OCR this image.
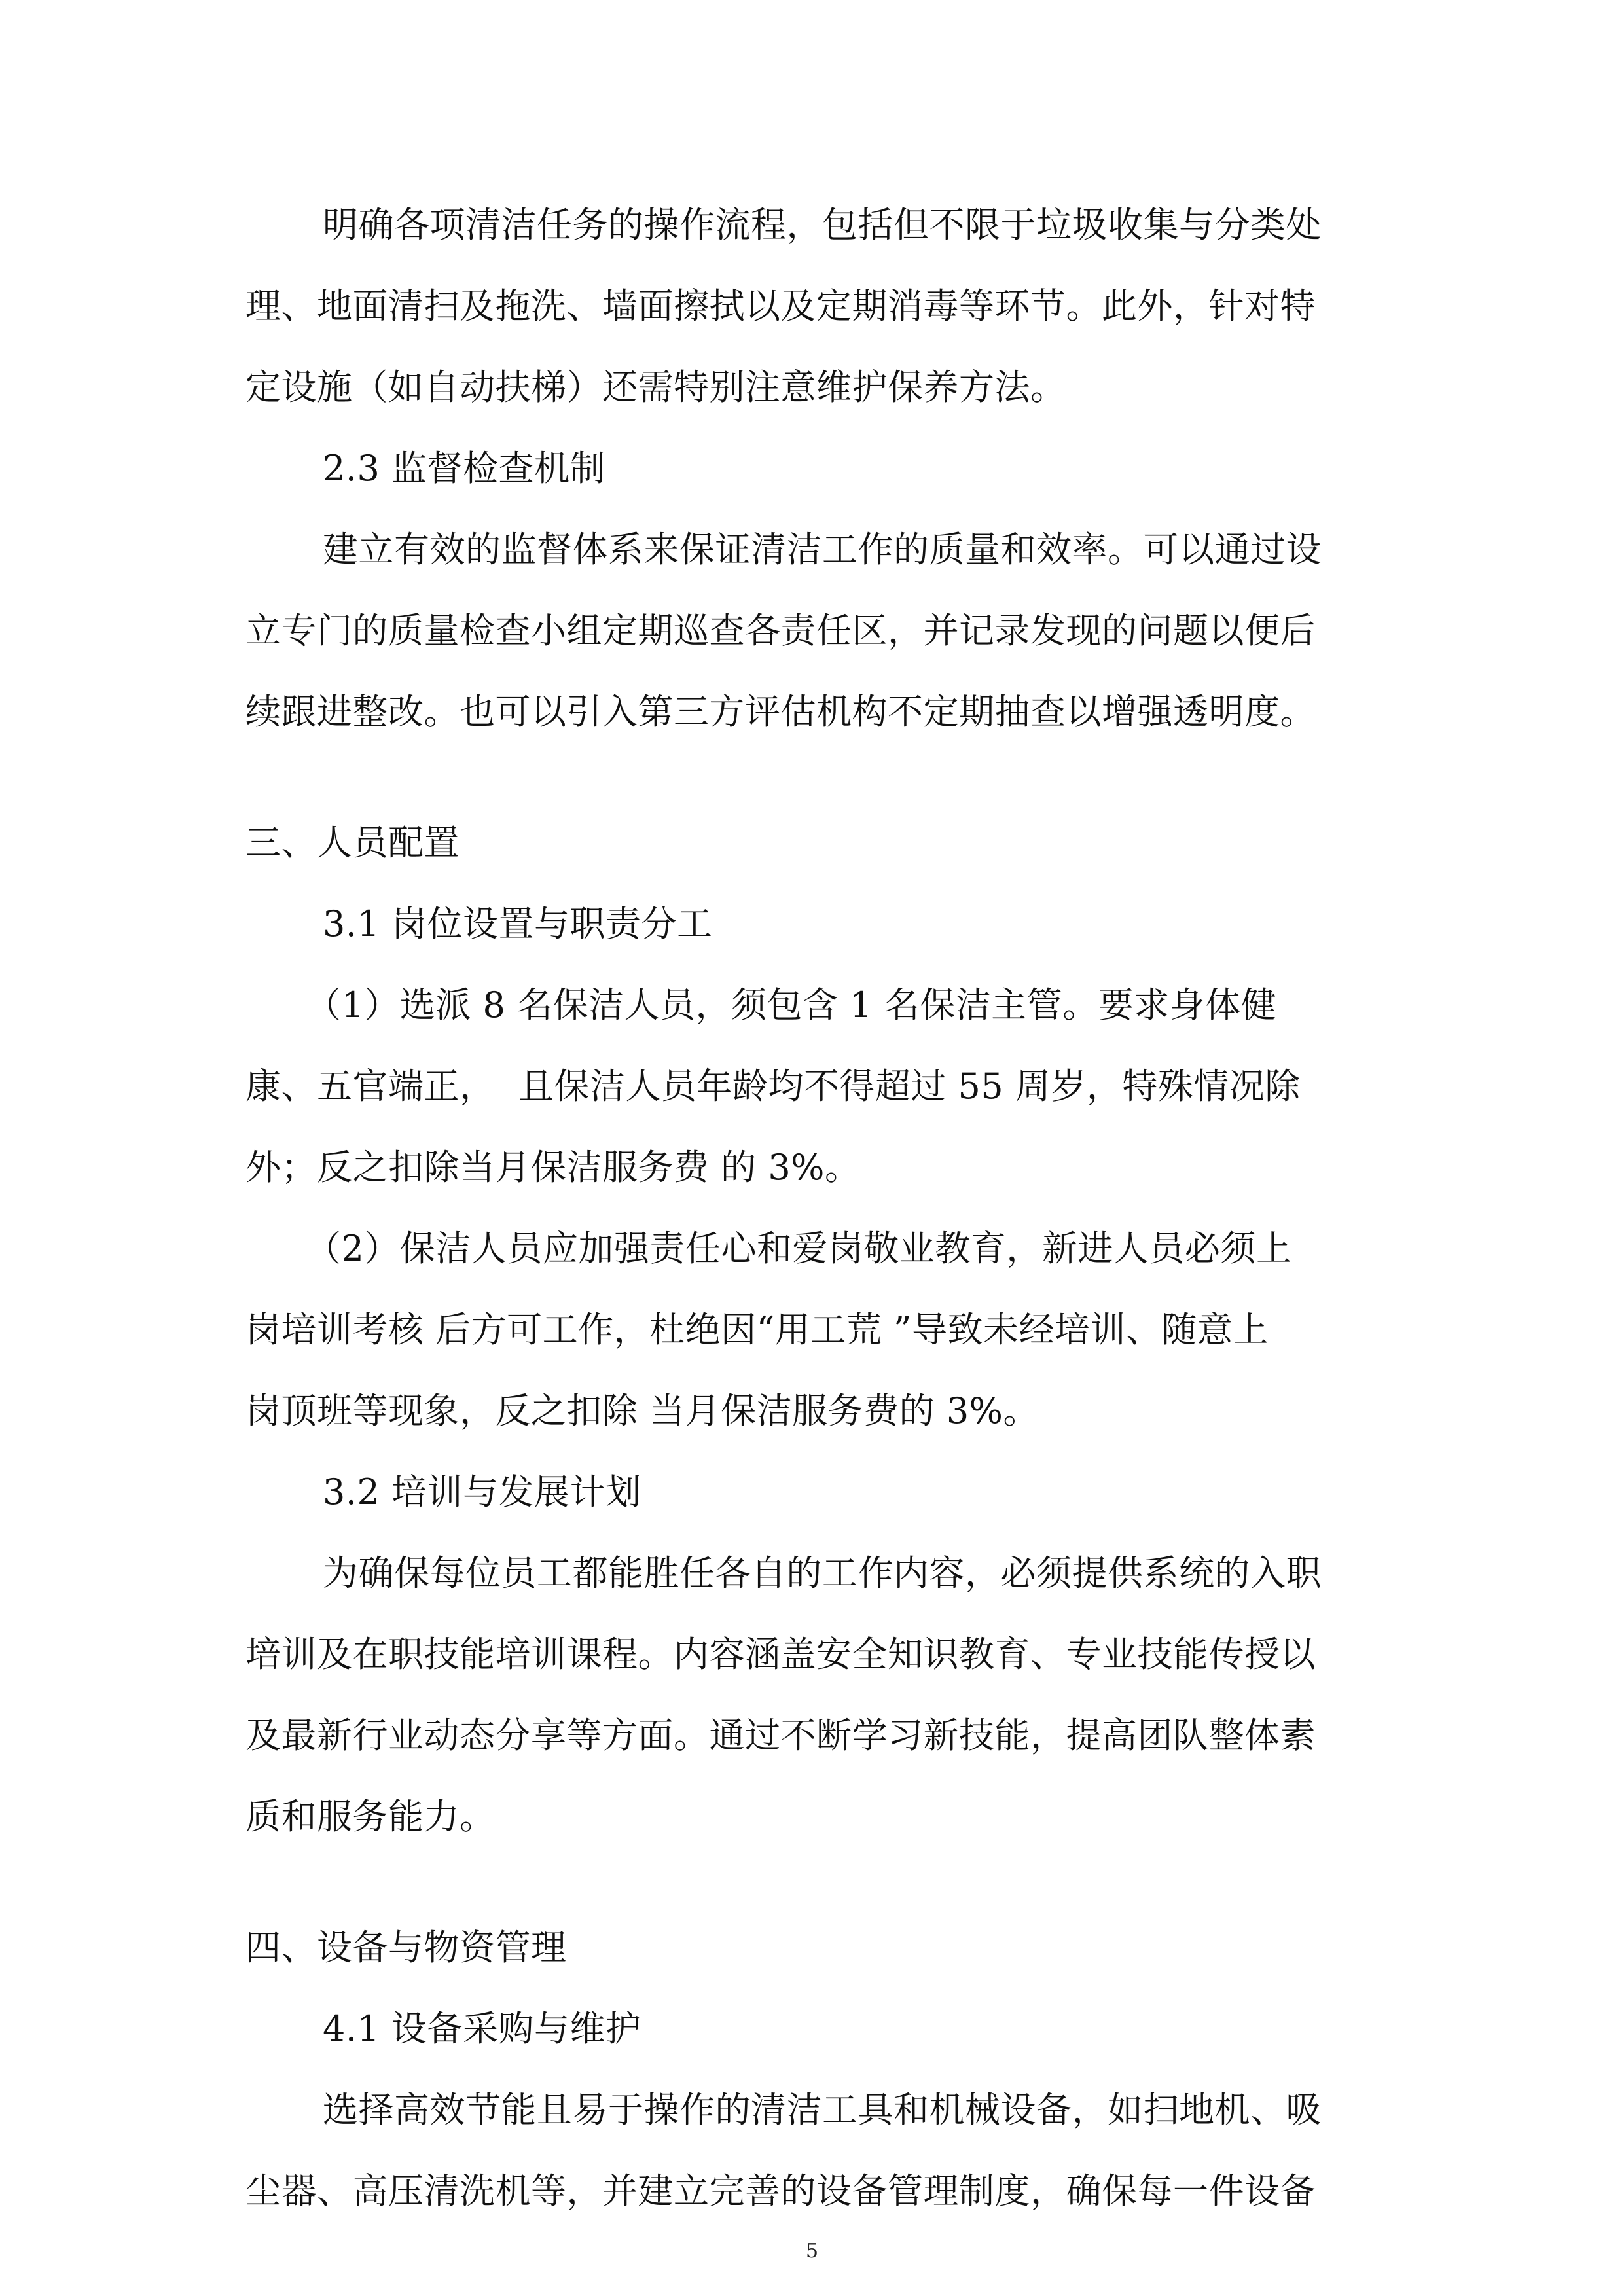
明确各项清洁任务的操作流程，包括但不限于垃圾收集与分类处
理、地面清扫及拖洗、墙面擦拭以及定期消毒等环节。此外，针对特
定设施（如自动扶梯）还需特别注意维护保养方法。
2.3 监督检查机制
建立有效的监督体系来保证清洁工作的质量和效率。可以通过设
立专门的质量检查小组定期巡查各责任区，并记录发现的问题以便后
续跟进整改。也可以引入第三方评估机构不定期抽查以增强透明度。
三、人员配置
3.1 岗位设置与职责分工
（1）选派 8 名保洁人员，须包含 1 名保洁主管。要求身体健
康、五官端正，  且保洁人员年龄均不得超过 55 周岁，特殊情况除
外；反之扣除当月保洁服务费 的 3%。
（2）保洁人员应加强责任心和爱岗敬业教育，新进人员必须上
岗培训考核 后方可工作，杜绝因“用工荒 ”导致未经培训、随意上
岗顶班等现象，反之扣除 当月保洁服务费的 3%。
3.2 培训与发展计划
为确保每位员工都能胜任各自的工作内容，必须提供系统的入职
培训及在职技能培训课程。内容涵盖安全知识教育、专业技能传授以
及最新行业动态分享等方面。通过不断学习新技能，提高团队整体素
质和服务能力。
四、设备与物资管理
4.1 设备采购与维护
选择高效节能且易于操作的清洁工具和机械设备，如扫地机、吸
尘器、高压清洗机等，并建立完善的设备管理制度，确保每一件设备
5
